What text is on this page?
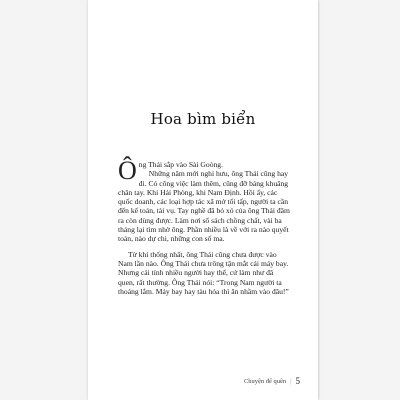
Hoa bìm biển

Ông Thái sắp vào Sài Goòng.

Những năm mới nghỉ hưu, ông Thái cũng hay đi. Có công việc làm thêm, cũng đỡ bảng khuâng chân tay. Khi Hải Phòng, khi Nam Định. Hồi ấy, các quốc doanh, các loại hợp tác xã mở tối tấp, người ta cần đến kế toán, tài vụ. Tay nghề đã bỏ xó của ông Thái đâm ra còn dùng được. Làm nơi sổ sách chồng chất, vài ba tháng lại tìm nhờ ông. Phần nhiều là về với ra nào quyết toán, nào dự chi, những con số ma.

Từ khi thống nhất, ông Thái cũng chưa được vào Nam lần nào. Ông Thái chưa trông tận mắt cái máy bay. Nhưng cái tính nhiều người hay thế, cứ làm như đã quen, rất thường. Ông Thái nói: “Trong Nam người ta thoáng lắm. Máy bay hay tàu hỏa thì ăn nhầm vào đâu!”

Chuyện để quên | 5
